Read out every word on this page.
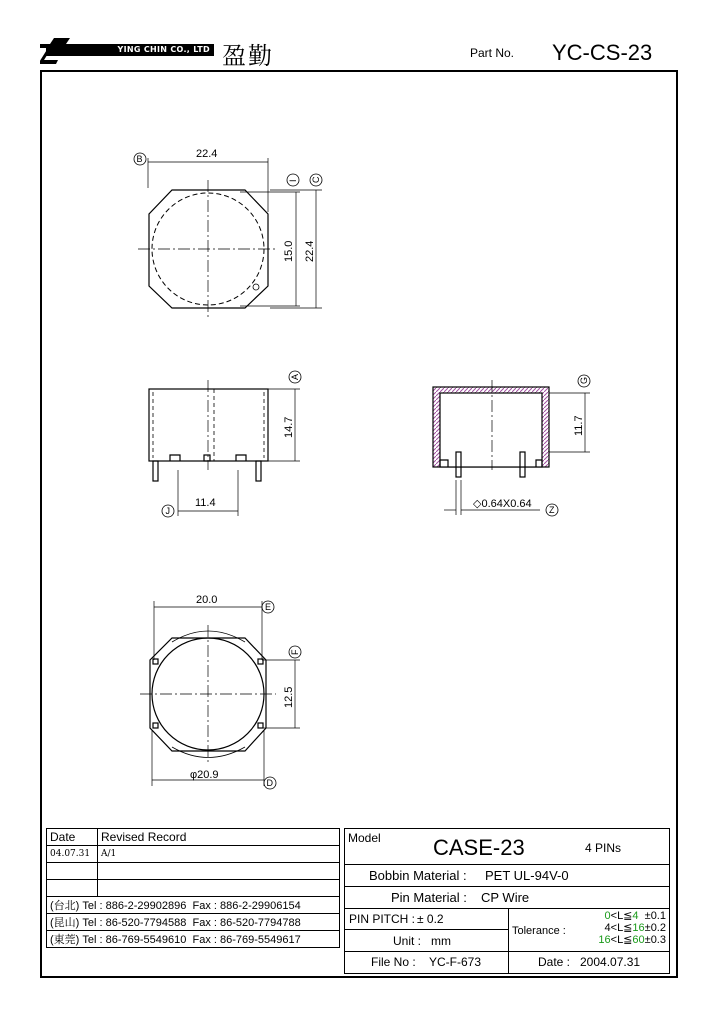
YING CHIN CO., LTD 盈勤	Part No. YC-CS-23
22.4
15.0 22.4
14.7
11.4
11.7
◇0.64X0.64
20.0
12.5
φ20.9
B
I C
A
J
G
Z
E
F
D
Date	Revised Record
04.07.31	A/1

(台北) Tel : 886-2-29902896 Fax : 886-2-29906154	
(昆山) Tel : 86-520-7794588 Fax : 86-520-7794788	
(東莞) Tel : 86-769-5549610 Fax : 86-769-5549617	
Model CASE-23	4 PINs
Bobbin Material : PET UL-94V-0
Pin Material : CP Wire
PIN PITCH : ± 0.2
Unit : mm
File No : YC-F-673
Tolerance :
0<L≦4 ±0.1
4<L≦16±0.2
16<L≦60±0.3
Date : 2004.07.31
